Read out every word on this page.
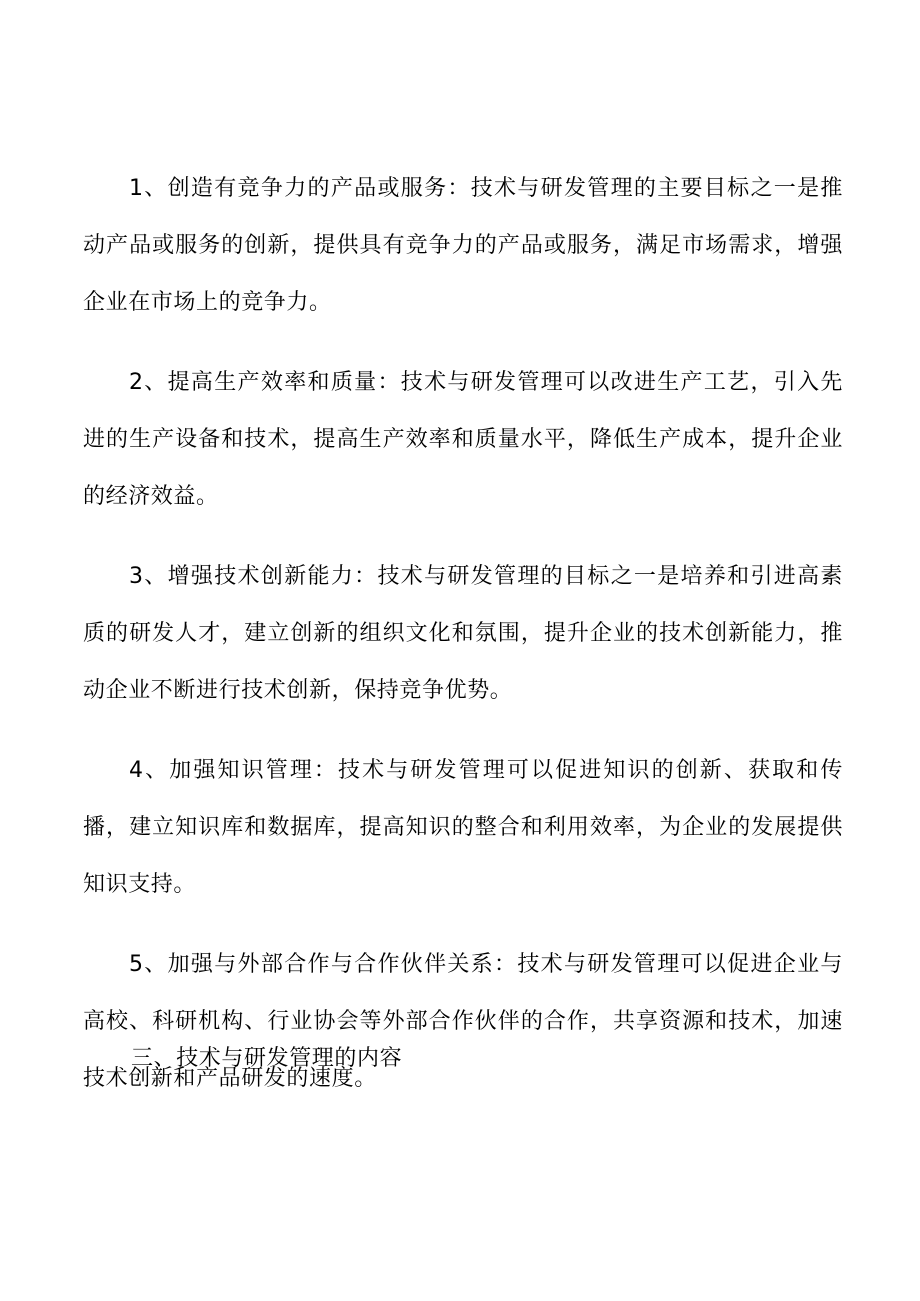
1、创造有竞争力的产品或服务：技术与研发管理的主要目标之一是推动产品或服务的创新，提供具有竞争力的产品或服务，满足市场需求，增强企业在市场上的竞争力。

2、提高生产效率和质量：技术与研发管理可以改进生产工艺，引入先进的生产设备和技术，提高生产效率和质量水平，降低生产成本，提升企业的经济效益。

3、增强技术创新能力：技术与研发管理的目标之一是培养和引进高素质的研发人才，建立创新的组织文化和氛围，提升企业的技术创新能力，推动企业不断进行技术创新，保持竞争优势。

4、加强知识管理：技术与研发管理可以促进知识的创新、获取和传播，建立知识库和数据库，提高知识的整合和利用效率，为企业的发展提供知识支持。

5、加强与外部合作与合作伙伴关系：技术与研发管理可以促进企业与高校、科研机构、行业协会等外部合作伙伴的合作，共享资源和技术，加速技术创新和产品研发的速度。

三、技术与研发管理的内容
